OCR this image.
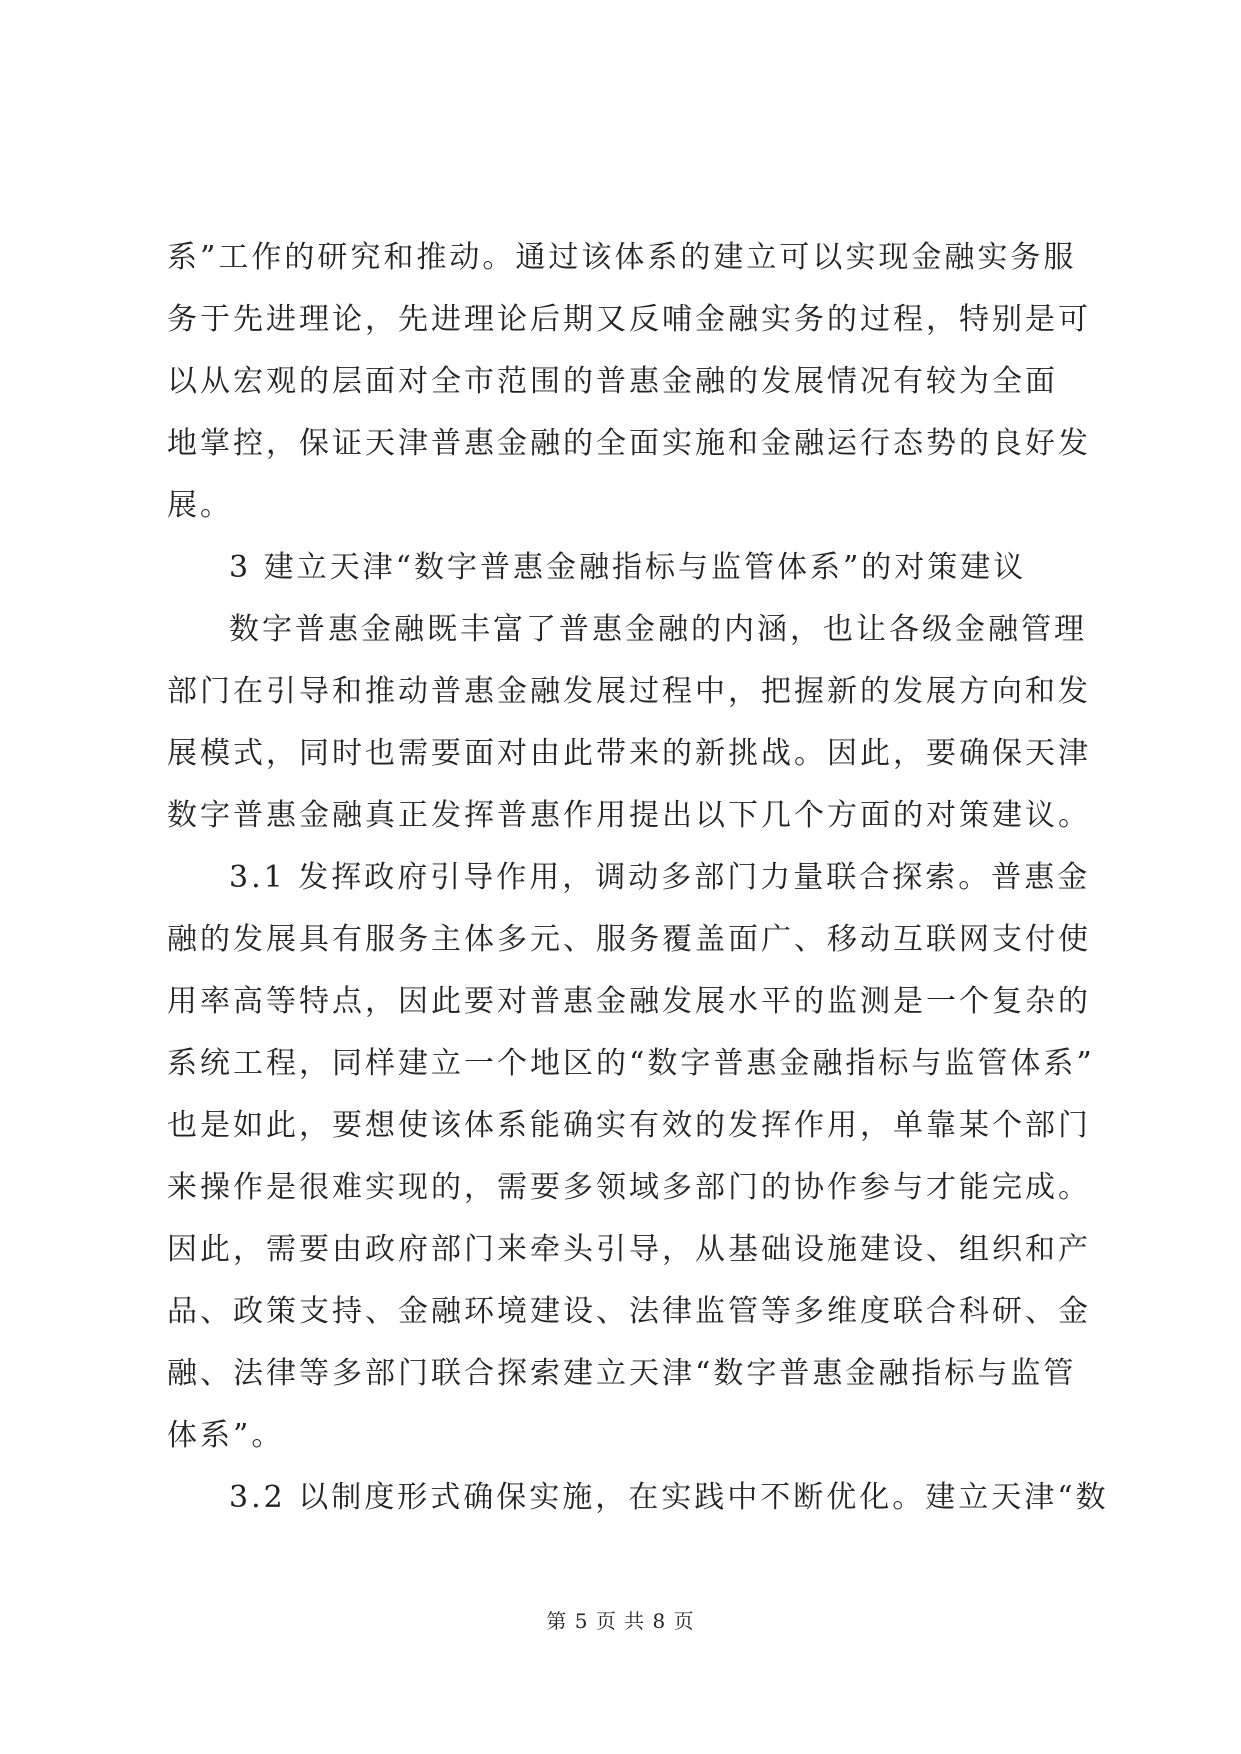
系”工作的研究和推动。通过该体系的建立可以实现金融实务服
务于先进理论，先进理论后期又反哺金融实务的过程，特别是可
以从宏观的层面对全市范围的普惠金融的发展情况有较为全面
地掌控，保证天津普惠金融的全面实施和金融运行态势的良好发
展。
3 建立天津“数字普惠金融指标与监管体系”的对策建议
数字普惠金融既丰富了普惠金融的内涵，也让各级金融管理
部门在引导和推动普惠金融发展过程中，把握新的发展方向和发
展模式，同时也需要面对由此带来的新挑战。因此，要确保天津
数字普惠金融真正发挥普惠作用提出以下几个方面的对策建议。
3.1 发挥政府引导作用，调动多部门力量联合探索。普惠金
融的发展具有服务主体多元、服务覆盖面广、移动互联网支付使
用率高等特点，因此要对普惠金融发展水平的监测是一个复杂的
系统工程，同样建立一个地区的“数字普惠金融指标与监管体系”
也是如此，要想使该体系能确实有效的发挥作用，单靠某个部门
来操作是很难实现的，需要多领域多部门的协作参与才能完成。
因此，需要由政府部门来牵头引导，从基础设施建设、组织和产
品、政策支持、金融环境建设、法律监管等多维度联合科研、金
融、法律等多部门联合探索建立天津“数字普惠金融指标与监管
体系”。
3.2 以制度形式确保实施，在实践中不断优化。建立天津“数
第 5 页 共 8 页
